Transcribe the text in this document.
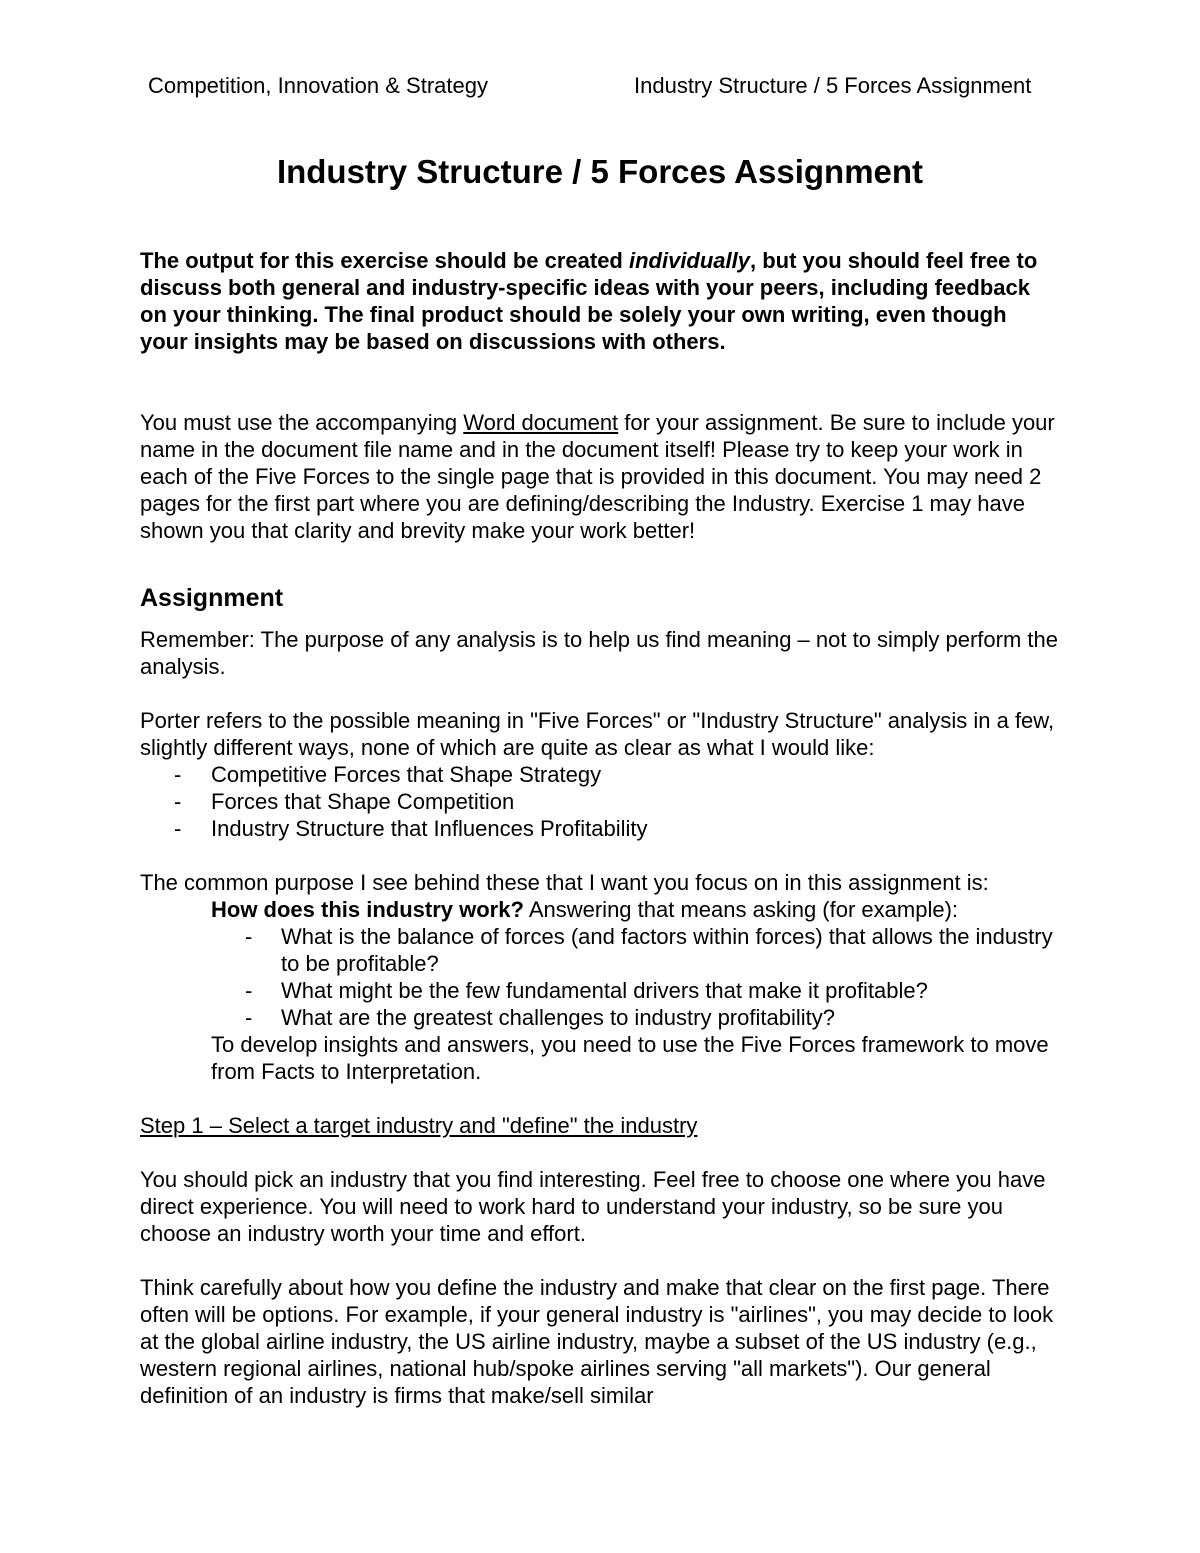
Competition, Innovation & Strategy	Industry Structure / 5 Forces Assignment
Industry Structure / 5 Forces Assignment

The output for this exercise should be created individually, but you should feel free to discuss both general and industry-specific ideas with your peers, including feedback on your thinking. The final product should be solely your own writing, even though your insights may be based on discussions with others.

You must use the accompanying Word document for your assignment. Be sure to include your name in the document file name and in the document itself! Please try to keep your work in each of the Five Forces to the single page that is provided in this document. You may need 2 pages for the first part where you are defining/describing the Industry. Exercise 1 may have shown you that clarity and brevity make your work better!

Assignment

Remember: The purpose of any analysis is to help us find meaning – not to simply perform the analysis.

Porter refers to the possible meaning in "Five Forces" or "Industry Structure" analysis in a few, slightly different ways, none of which are quite as clear as what I would like:

- Competitive Forces that Shape Strategy
- Forces that Shape Competition
- Industry Structure that Influences Profitability

The common purpose I see behind these that I want you focus on in this assignment is:

How does this industry work? Answering that means asking (for example):

- What is the balance of forces (and factors within forces) that allows the industry to be profitable?
- What might be the few fundamental drivers that make it profitable?
- What are the greatest challenges to industry profitability?

To develop insights and answers, you need to use the Five Forces framework to move from Facts to Interpretation.

Step 1 – Select a target industry and "define" the industry

You should pick an industry that you find interesting. Feel free to choose one where you have direct experience. You will need to work hard to understand your industry, so be sure you choose an industry worth your time and effort.

Think carefully about how you define the industry and make that clear on the first page. There often will be options. For example, if your general industry is "airlines", you may decide to look at the global airline industry, the US airline industry, maybe a subset of the US industry (e.g., western regional airlines, national hub/spoke airlines serving "all markets"). Our general definition of an industry is firms that make/sell similar
